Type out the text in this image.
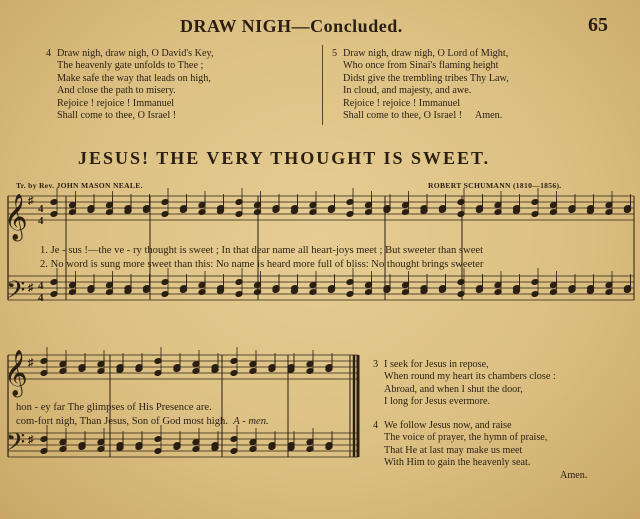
DRAW NIGH—Concluded.	65
4 Draw nigh, draw nigh, O David's Key,
The heavenly gate unfolds to Thee ;
Make safe the way that leads on high,
And close the path to misery.
Rejoice ! rejoice ! Immanuel
Shall come to thee, O Israel !
5 Draw nigh, draw nigh, O Lord of Might,
Who once from Sinai's flaming height
Didst give the trembling tribes Thy Law,
In cloud, and majesty, and awe.
Rejoice ! rejoice ! Immanuel
Shall come to thee, O Israel ! Amen.
JESUS! THE VERY THOUGHT IS SWEET.
Tr. by Rev. JOHN MASON NEALE.	ROBERT SCHUMANN (1810—1856).
𝄞
𝄢
𝄞
𝄢
♯
4
4
♯ 4
4
♯
♯
1. Je - sus !—the ve - ry thought is sweet ; In that dear name all heart-joys meet ; But sweeter than sweet
2. No word is sung more sweet than this: No name is heard more full of bliss: No thought brings sweeter
hon - ey far The glimpses of His Presence are.
com-fort nigh, Than Jesus, Son of God most high. A - men.
3 I seek for Jesus in repose,
When round my heart its chambers close :
Abroad, and when I shut the door,
I long for Jesus evermore.
4 We follow Jesus now, and raise
The voice of prayer, the hymn of praise,
That He at last may make us meet
With Him to gain the heavenly seat.
Amen.
